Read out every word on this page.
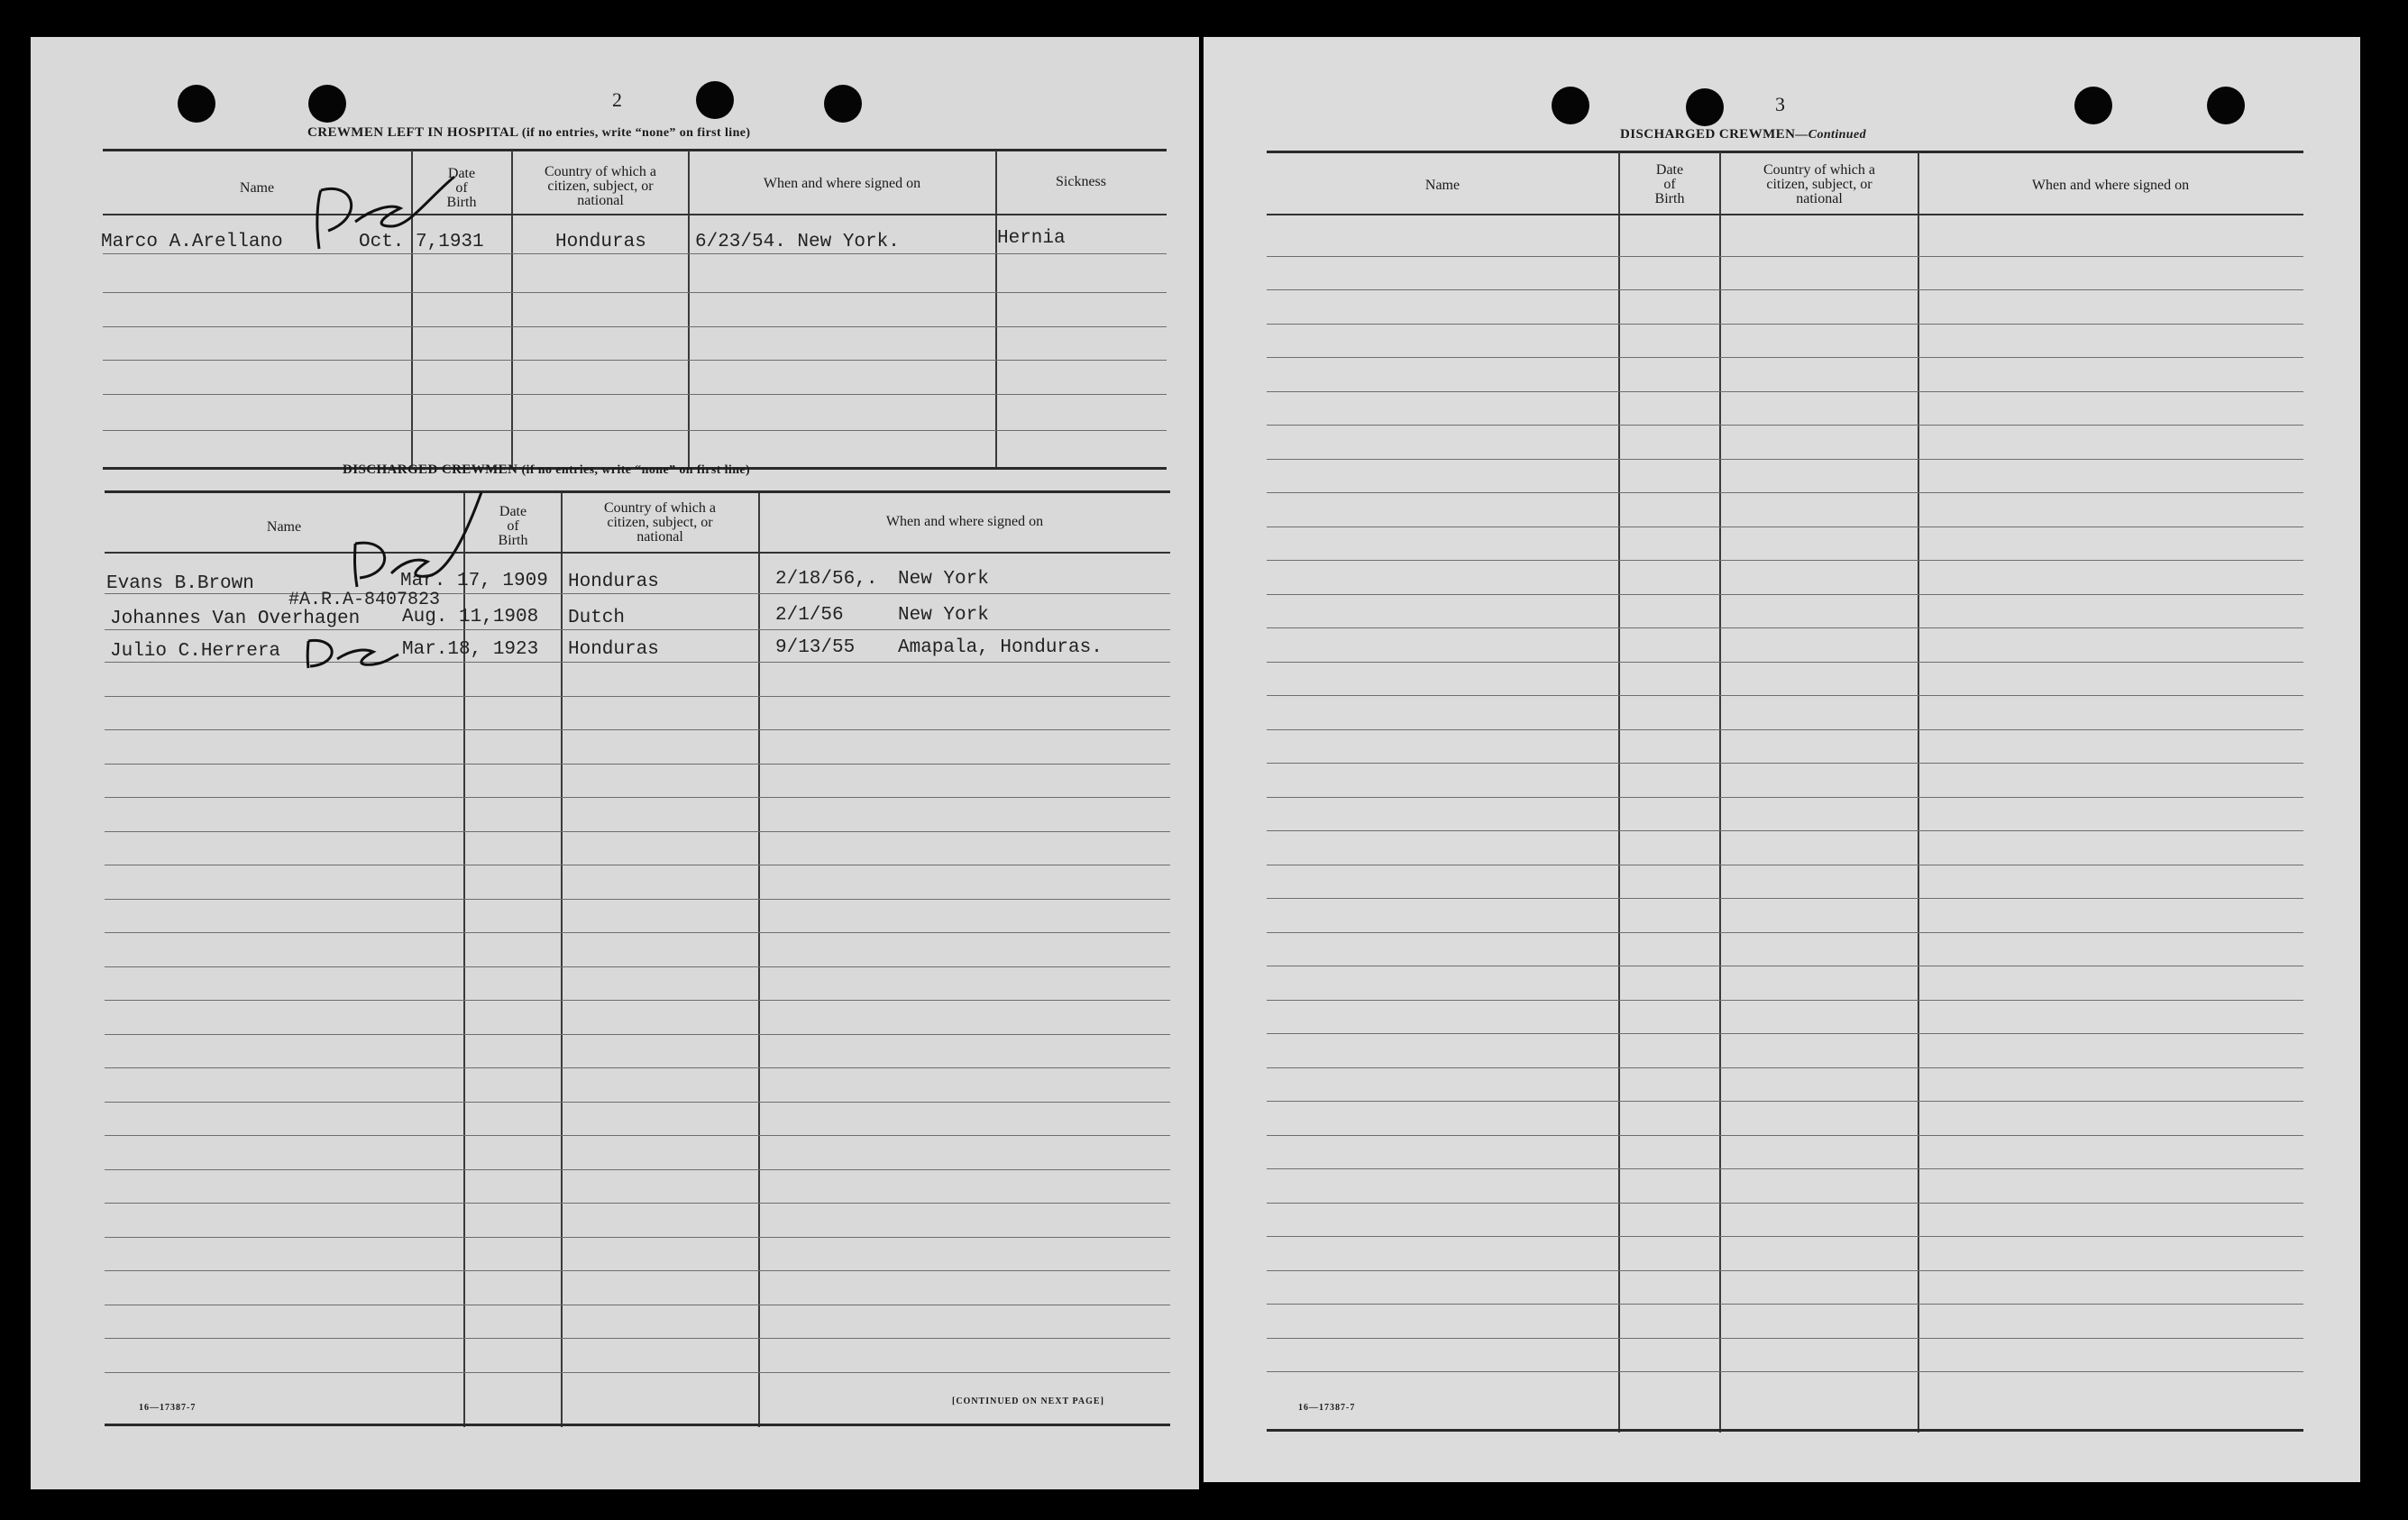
2
CREWMEN LEFT IN HOSPITAL (if no entries, write “none” on first line)
Name
Date
of
Birth
Country of which a
citizen, subject, or
national
When and where signed on	Sickness
Marco A.Arellano	Oct. 7,1931	Honduras	6/23/54. New York.	Hernia
DISCHARGED CREWMEN (if no entries, write “none” on first line)
Name
Date
of
Birth
Country of which a
citizen, subject, or
national
When and where signed on
Evans B.Brown	Mar. 17, 1909 Honduras	2/18/56,. New York
#A.R.A-8407823
Johannes Van Overhagen Aug. 11,1908 Dutch	2/1/56	New York
Julio C.Herrera	Mar.18, 1923 Honduras	9/13/55 Amapala, Honduras.
16—17387-7
[CONTINUED ON NEXT PAGE]
3
DISCHARGED CREWMEN—Continued
Name
Date
of
Birth
Country of which a
citizen, subject, or
national
When and where signed on
16—17387-7
